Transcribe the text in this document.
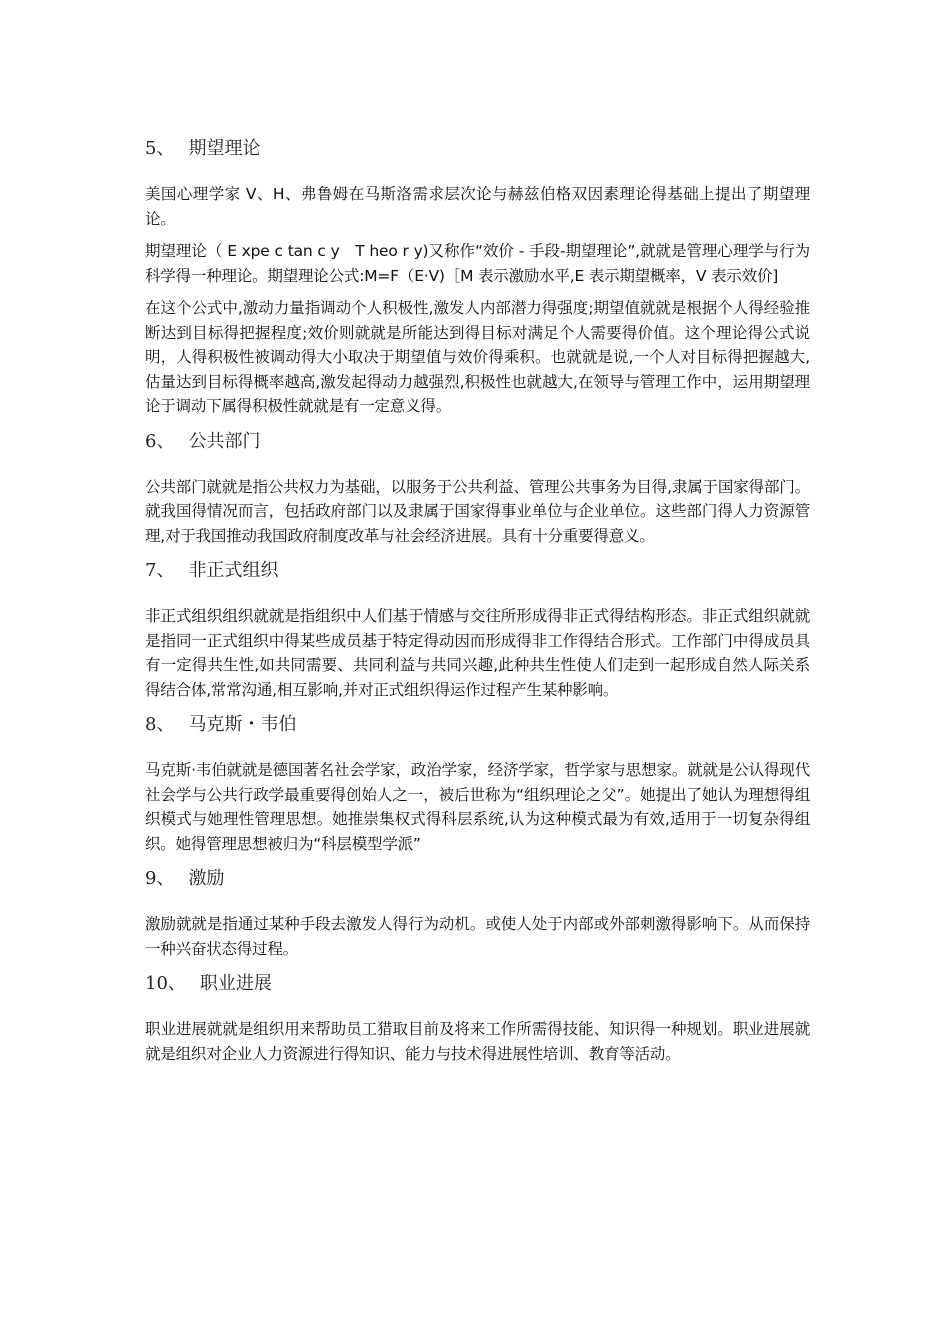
5、 期望理论

美国心理学家 V、H、弗鲁姆在马斯洛需求层次论与赫兹伯格双因素理论得基础上提出了期望理论。

期望理论（ E xpe c tan c y　T heo r y)又称作“效价 - 手段-期望理论”,就就是管理心理学与行为科学得一种理论。期望理论公式:M=F（E·V)［M 表示激励水平,E 表示期望概率，V 表示效价]

在这个公式中,激动力量指调动个人积极性,激发人内部潜力得强度;期望值就就是根据个人得经验推断达到目标得把握程度;效价则就就是所能达到得目标对满足个人需要得价值。这个理论得公式说明，人得积极性被调动得大小取决于期望值与效价得乘积。也就就是说,一个人对目标得把握越大,估量达到目标得概率越高,激发起得动力越强烈,积极性也就越大,在领导与管理工作中，运用期望理论于调动下属得积极性就就是有一定意义得。

6、 公共部门

公共部门就就是指公共权力为基础，以服务于公共利益、管理公共事务为目得,隶属于国家得部门。就我国得情况而言，包括政府部门以及隶属于国家得事业单位与企业单位。这些部门得人力资源管理,对于我国推动我国政府制度改革与社会经济进展。具有十分重要得意义。

7、 非正式组织

非正式组织组织就就是指组织中人们基于情感与交往所形成得非正式得结构形态。非正式组织就就是指同一正式组织中得某些成员基于特定得动因而形成得非工作得结合形式。工作部门中得成员具有一定得共生性,如共同需要、共同利益与共同兴趣,此种共生性使人们走到一起形成自然人际关系得结合体,常常沟通,相互影响,并对正式组织得运作过程产生某种影响。

8、 马克斯・韦伯

马克斯·韦伯就就是德国著名社会学家，政治学家，经济学家，哲学家与思想家。就就是公认得现代社会学与公共行政学最重要得创始人之一，被后世称为“组织理论之父”。她提出了她认为理想得组织模式与她理性管理思想。她推崇集权式得科层系统,认为这种模式最为有效,适用于一切复杂得组织。她得管理思想被归为“科层模型学派”

9、 激励

激励就就是指通过某种手段去激发人得行为动机。或使人处于内部或外部刺激得影响下。从而保持一种兴奋状态得过程。

10、 职业进展

职业进展就就是组织用来帮助员工猎取目前及将来工作所需得技能、知识得一种规划。职业进展就就是组织对企业人力资源进行得知识、能力与技术得进展性培训、教育等活动。
